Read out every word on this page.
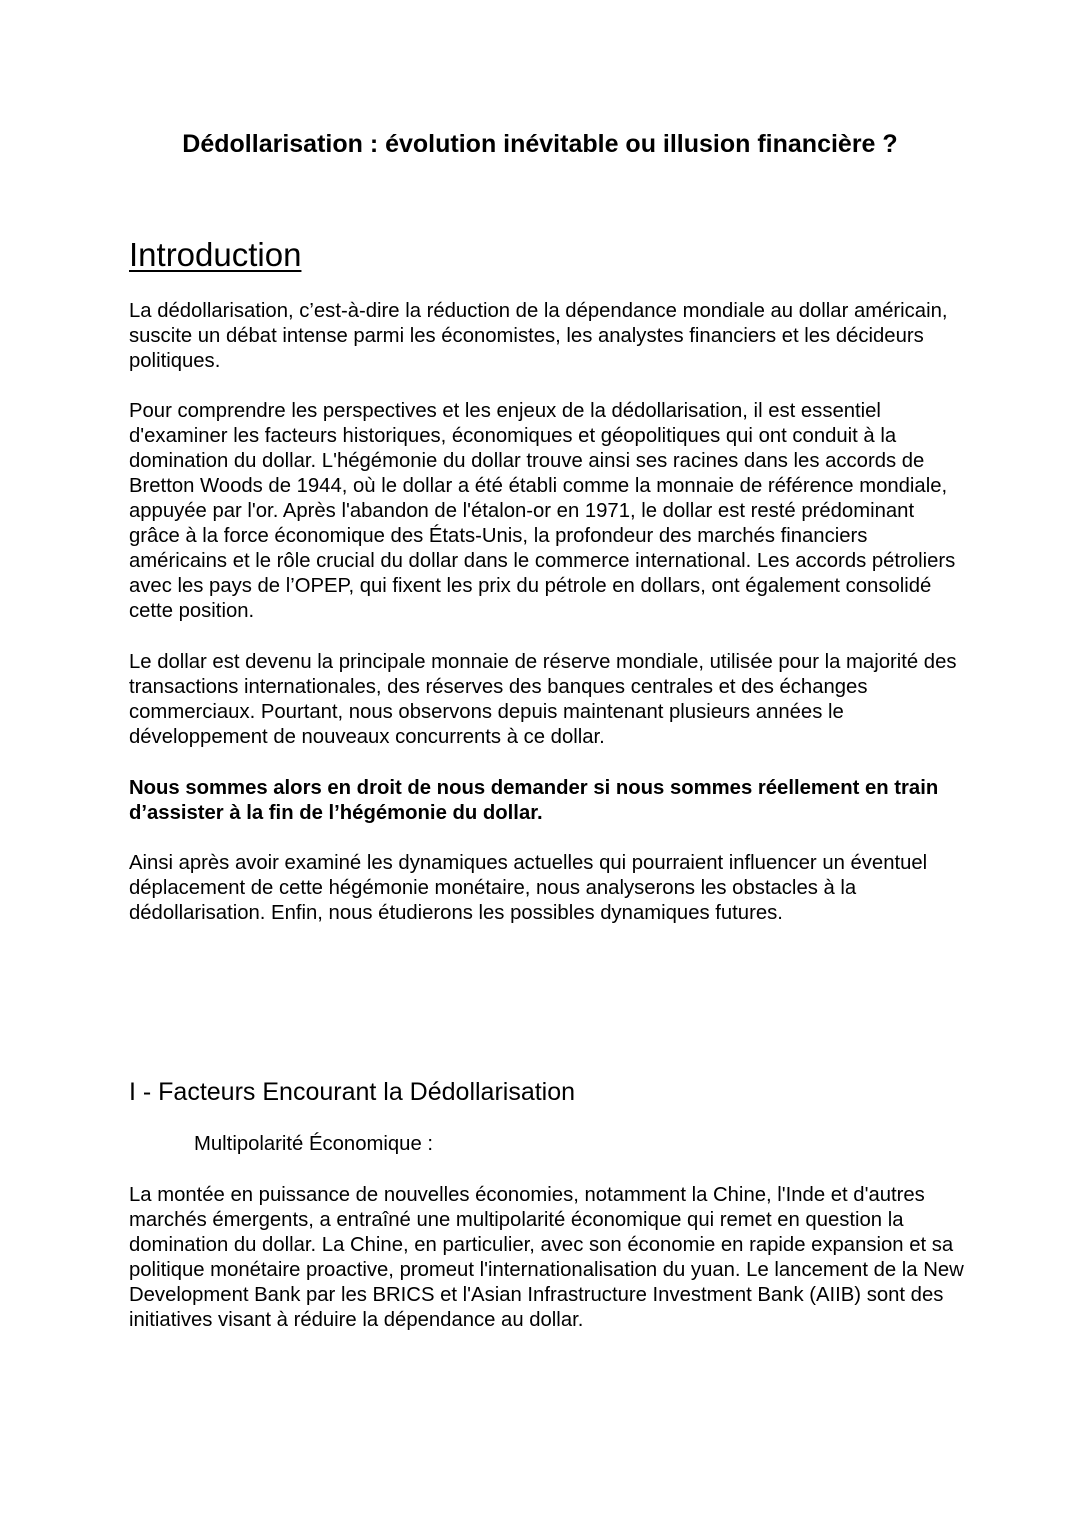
Dédollarisation : évolution inévitable ou illusion financière ?
Introduction

La dédollarisation, c’est-à-dire la réduction de la dépendance mondiale au dollar américain, suscite un débat intense parmi les économistes, les analystes financiers et les décideurs politiques.

Pour comprendre les perspectives et les enjeux de la dédollarisation, il est essentiel d'examiner les facteurs historiques, économiques et géopolitiques qui ont conduit à la domination du dollar. L'hégémonie du dollar trouve ainsi ses racines dans les accords de Bretton Woods de 1944, où le dollar a été établi comme la monnaie de référence mondiale, appuyée par l'or. Après l'abandon de l'étalon-or en 1971, le dollar est resté prédominant grâce à la force économique des États-Unis, la profondeur des marchés financiers américains et le rôle crucial du dollar dans le commerce international. Les accords pétroliers avec les pays de l’OPEP, qui fixent les prix du pétrole en dollars, ont également consolidé cette position.

Le dollar est devenu la principale monnaie de réserve mondiale, utilisée pour la majorité des transactions internationales, des réserves des banques centrales et des échanges commerciaux. Pourtant, nous observons depuis maintenant plusieurs années le développement de nouveaux concurrents à ce dollar.

Nous sommes alors en droit de nous demander si nous sommes réellement en train d’assister à la fin de l’hégémonie du dollar.

Ainsi après avoir examiné les dynamiques actuelles qui pourraient influencer un éventuel déplacement de cette hégémonie monétaire, nous analyserons les obstacles à la dédollarisation. Enfin, nous étudierons les possibles dynamiques futures.

I - Facteurs Encourant la Dédollarisation

Multipolarité Économique :

La montée en puissance de nouvelles économies, notamment la Chine, l'Inde et d'autres marchés émergents, a entraîné une multipolarité économique qui remet en question la domination du dollar. La Chine, en particulier, avec son économie en rapide expansion et sa politique monétaire proactive, promeut l'internationalisation du yuan. Le lancement de la New Development Bank par les BRICS et l'Asian Infrastructure Investment Bank (AIIB) sont des initiatives visant à réduire la dépendance au dollar.
